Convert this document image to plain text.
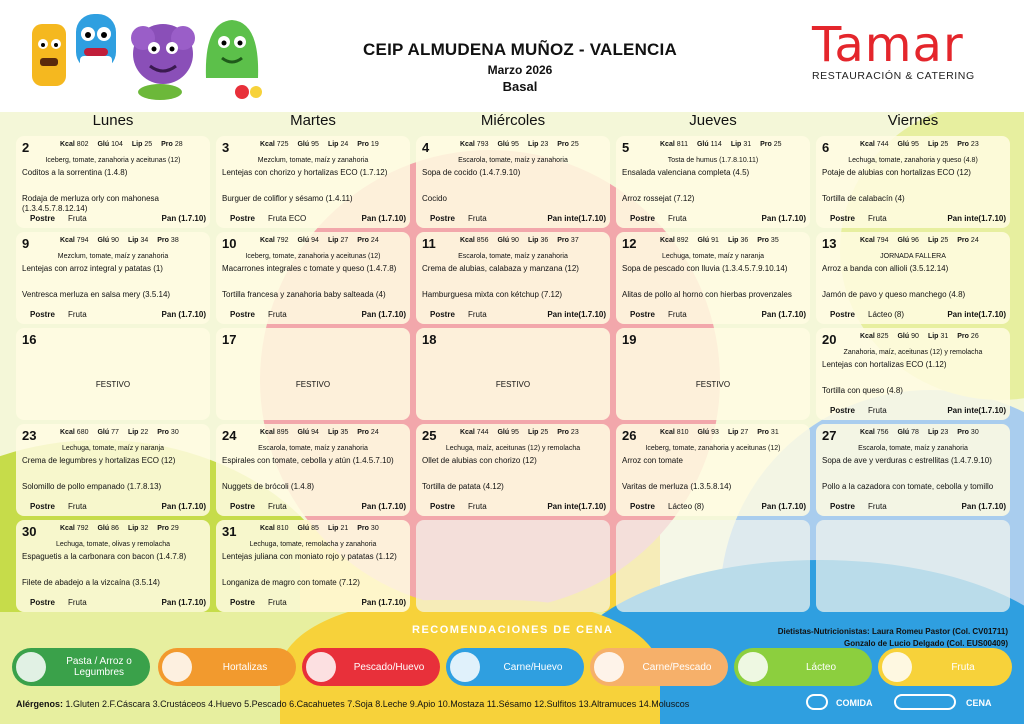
CEIP ALMUDENA MUÑOZ - VALENCIA
Marzo 2026
Basal
Tamar
RESTAURACIÓN & CATERING
Lunes	Martes	Miércoles	Jueves	Viernes
2	Kcal 802 Glú 104 Lip 25 Pro 28
Iceberg, tomate, zanahoria y aceitunas (12)
Coditos a la sorrentina (1.4.8)
Rodaja de merluza orly con mahonesa (1.3.4.5.7.8.12.14)
Postre Fruta	Pan (1.7.10)
3	Kcal 725 Glú 95 Lip 24 Pro 19
Mezclum, tomate, maíz y zanahoria
Lentejas con chorizo y hortalizas ECO (1.7.12)
Burguer de coliflor y sésamo (1.4.11)
Postre Fruta ECO	Pan (1.7.10)
4	Kcal 793 Glú 95 Lip 23 Pro 25
Escarola, tomate, maíz y zanahoria
Sopa de cocido (1.4.7.9.10)
Cocido
Postre Fruta	Pan inte(1.7.10)
5	Kcal 811 Glú 114 Lip 31 Pro 25
Tosta de humus (1.7.8.10.11)
Ensalada valenciana completa (4.5)
Arroz rossejat (7.12)
Postre Fruta	Pan (1.7.10)
6	Kcal 744 Glú 95 Lip 25 Pro 23
Lechuga, tomate, zanahoria y queso (4.8)
Potaje de alubias con hortalizas ECO (12)
Tortilla de calabacín (4)
Postre Fruta	Pan inte(1.7.10)
9	Kcal 794 Glú 90 Lip 34 Pro 38
Mezclum, tomate, maíz y zanahoria
Lentejas con arroz integral y patatas (1)
Ventresca merluza en salsa mery (3.5.14)
Postre Fruta	Pan (1.7.10)
10	Kcal 792 Glú 94 Lip 27 Pro 24
Iceberg, tomate, zanahoria y aceitunas (12)
Macarrones integrales c tomate y queso (1.4.7.8)
Tortilla francesa y zanahoria baby salteada (4)
Postre Fruta	Pan (1.7.10)
11	Kcal 856 Glú 90 Lip 36 Pro 37
Escarola, tomate, maíz y zanahoria
Crema de alubias, calabaza y manzana (12)
Hamburguesa mixta con kétchup (7.12)
Postre Fruta	Pan inte(1.7.10)
12	Kcal 892 Glú 91 Lip 36 Pro 35
Lechuga, tomate, maíz y naranja
Sopa de pescado con lluvia (1.3.4.5.7.9.10.14)
Alitas de pollo al horno con hierbas provenzales
Postre Fruta	Pan (1.7.10)
13	Kcal 794 Glú 96 Lip 25 Pro 24
JORNADA FALLERA
Arroz a banda con allioli (3.5.12.14)
Jamón de pavo y queso manchego (4.8)
Postre Lácteo (8)	Pan inte(1.7.10)
16
FESTIVO
17
FESTIVO
18
FESTIVO
19
FESTIVO
20	Kcal 825 Glú 90 Lip 31 Pro 26
Zanahoria, maíz, aceitunas (12) y remolacha
Lentejas con hortalizas ECO (1.12)
Tortilla con queso (4.8)
Postre Fruta	Pan inte(1.7.10)
23	Kcal 680 Glú 77 Lip 22 Pro 30
Lechuga, tomate, maíz y naranja
Crema de legumbres y hortalizas ECO (12)
Solomillo de pollo empanado (1.7.8.13)
Postre Fruta	Pan (1.7.10)
24	Kcal 895 Glú 94 Lip 35 Pro 24
Escarola, tomate, maíz y zanahoria
Espirales con tomate, cebolla y atún (1.4.5.7.10)
Nuggets de brócoli (1.4.8)
Postre Fruta	Pan (1.7.10)
25	Kcal 744 Glú 95 Lip 25 Pro 23
Lechuga, maíz, aceitunas (12) y remolacha
Ollet de alubias con chorizo (12)
Tortilla de patata (4.12)
Postre Fruta	Pan inte(1.7.10)
26	Kcal 810 Glú 93 Lip 27 Pro 31
Iceberg, tomate, zanahoria y aceitunas (12)
Arroz con tomate
Varitas de merluza (1.3.5.8.14)
Postre Lácteo (8)	Pan (1.7.10)
27	Kcal 756 Glú 78 Lip 23 Pro 30
Escarola, tomate, maíz y zanahoria
Sopa de ave y verduras c estrellitas (1.4.7.9.10)
Pollo a la cazadora con tomate, cebolla y tomillo
Postre Fruta	Pan (1.7.10)
30	Kcal 792 Glú 86 Lip 32 Pro 29
Lechuga, tomate, olivas y remolacha
Espaguetis a la carbonara con bacon (1.4.7.8)
Filete de abadejo a la vizcaína (3.5.14)
Postre Fruta	Pan (1.7.10)
31	Kcal 810 Glú 85 Lip 21 Pro 30
Lechuga, tomate, remolacha y zanahoria
Lentejas juliana con moniato rojo y patatas (1.12)
Longaniza de magro con tomate (7.12)
Postre Fruta	Pan (1.7.10)
RECOMENDACIONES DE CENA	Dietistas-Nutricionistas: Laura Romeu Pastor (Col. CV01711)
Gonzalo de Lucio Delgado (Col. EUS00409)
Pasta / Arroz o Legumbres	Hortalizas	Pescado/Huevo	Carne/Huevo	Carne/Pescado	Lácteo	Fruta
Alérgenos: 1.Gluten 2.F.Cáscara 3.Crustáceos 4.Huevo 5.Pescado 6.Cacahuetes 7.Soja 8.Leche 9.Apio 10.Mostaza 11.Sésamo 12.Sulfitos 13.Altramuces 14.Moluscos	COMIDA	CENA
